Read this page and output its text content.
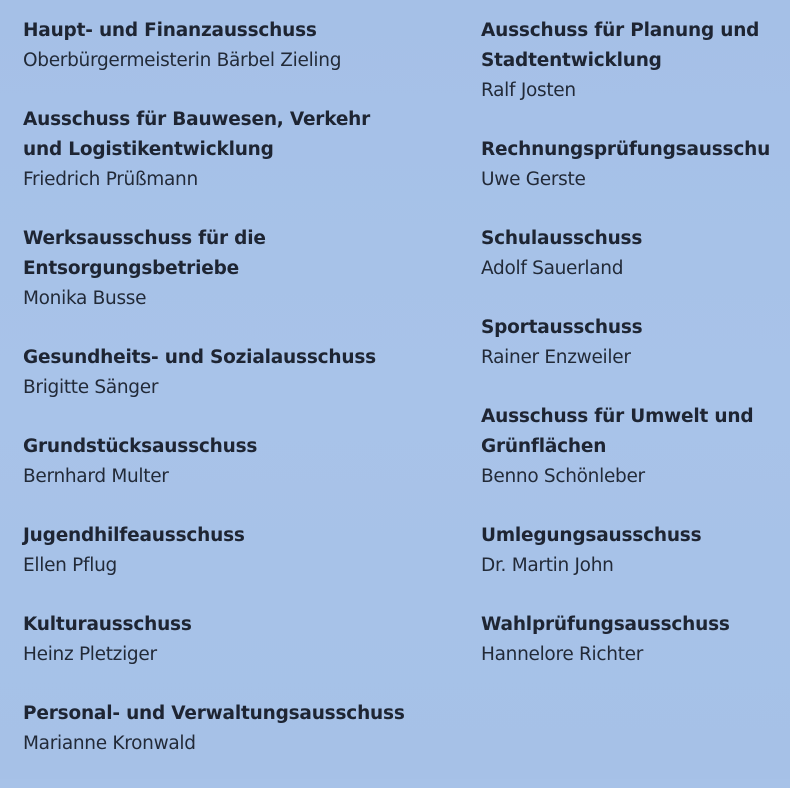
Haupt- und Finanzausschuss
Oberbürgermeisterin Bärbel Zieling
Ausschuss für Bauwesen, Verkehr
und Logistikentwicklung
Friedrich Prüßmann
Werksausschuss für die
Entsorgungsbetriebe
Monika Busse
Gesundheits- und Sozialausschuss
Brigitte Sänger
Grundstücksausschuss
Bernhard Multer
Jugendhilfeausschuss
Ellen Pflug
Kulturausschuss
Heinz Pletziger
Personal- und Verwaltungsausschuss
Marianne Kronwald
Ausschuss für Planung und
Stadtentwicklung
Ralf Josten
Rechnungsprüfungsausschu
Uwe Gerste
Schulausschuss
Adolf Sauerland
Sportausschuss
Rainer Enzweiler
Ausschuss für Umwelt und
Grünflächen
Benno Schönleber
Umlegungsausschuss
Dr. Martin John
Wahlprüfungsausschuss
Hannelore Richter
